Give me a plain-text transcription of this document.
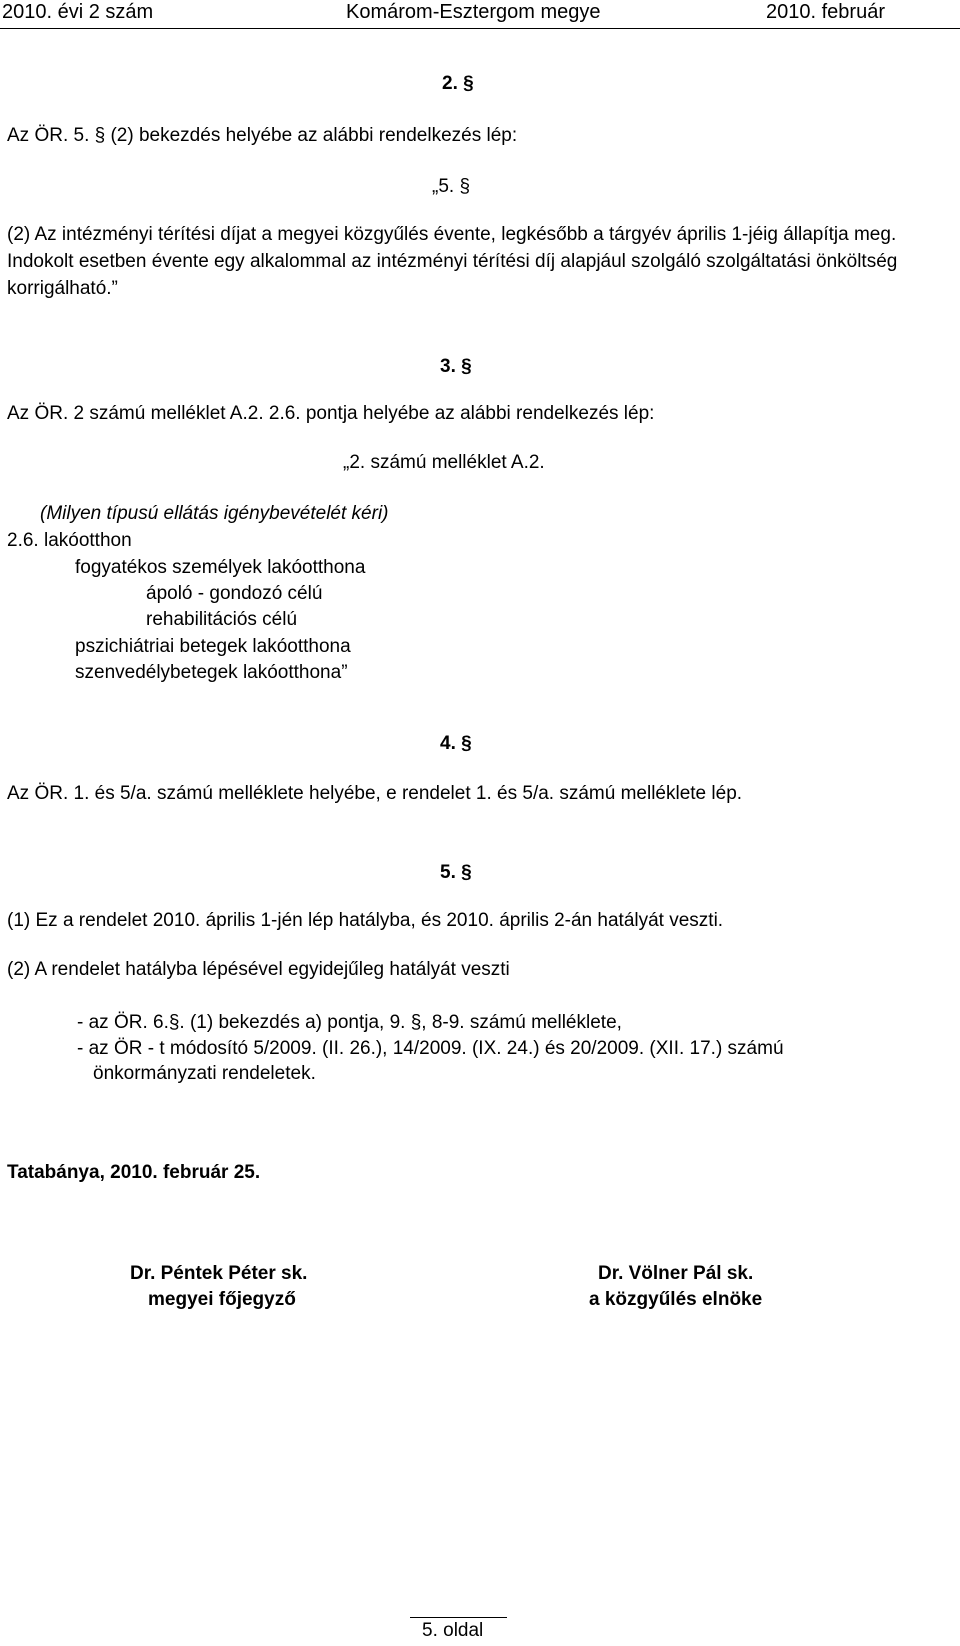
2010. évi 2 szám	Komárom-Esztergom megye	2010. február
2. §
Az ÖR. 5. § (2) bekezdés helyébe az alábbi rendelkezés lép:
„5. §
(2) Az intézményi térítési díjat a megyei közgyűlés évente, legkésőbb a tárgyév április 1-jéig állapítja meg. Indokolt esetben évente egy alkalommal az intézményi térítési díj alapjául szolgáló szolgáltatási önköltség korrigálható.”
3. §
Az ÖR. 2 számú melléklet A.2. 2.6. pontja helyébe az alábbi rendelkezés lép:
„2. számú melléklet A.2.
(Milyen típusú ellátás igénybevételét kéri)
2.6. lakóotthon
fogyatékos személyek lakóotthona
ápoló - gondozó célú
rehabilitációs célú
pszichiátriai betegek lakóotthona
szenvedélybetegek lakóotthona”
4. §
Az ÖR. 1. és 5/a. számú melléklete helyébe, e rendelet 1. és 5/a. számú melléklete lép.
5. §
(1) Ez a rendelet 2010. április 1-jén lép hatályba, és 2010. április 2-án hatályát veszti.
(2) A rendelet hatályba lépésével egyidejűleg hatályát veszti
- az ÖR. 6.§. (1) bekezdés a) pontja, 9. §, 8-9. számú melléklete,
- az ÖR - t módosító 5/2009. (II. 26.), 14/2009. (IX. 24.) és 20/2009. (XII. 17.) számú
önkormányzati rendeletek.
Tatabánya, 2010. február 25.
Dr. Péntek Péter sk.
megyei főjegyző
Dr. Völner Pál sk.
a közgyűlés elnöke
5. oldal
